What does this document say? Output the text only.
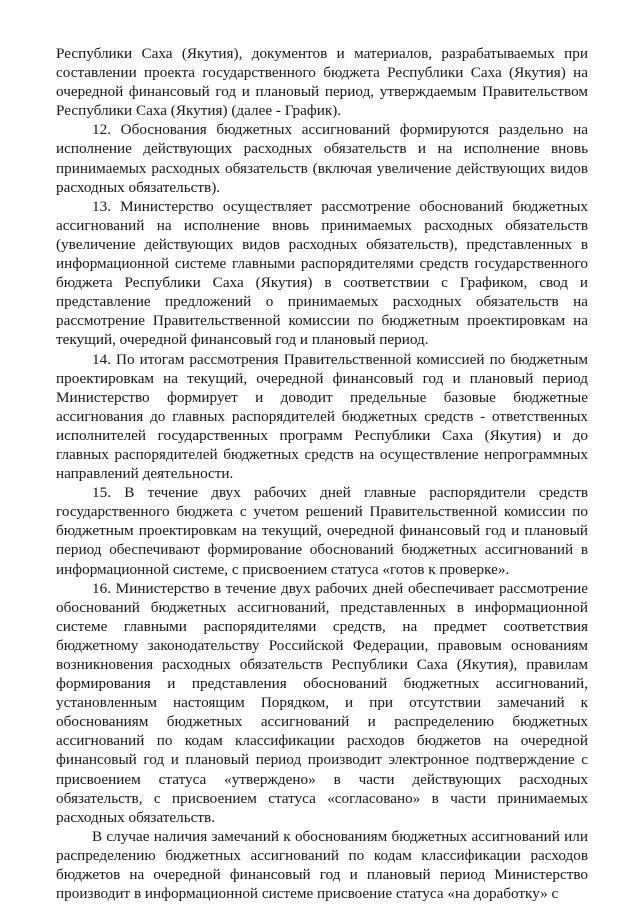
Республики Саха (Якутия), документов и материалов, разрабатываемых при составлении проекта государственного бюджета Республики Саха (Якутия) на очередной финансовый год и плановый период, утверждаемым Правительством Республики Саха (Якутия) (далее - График).

12. Обоснования бюджетных ассигнований формируются раздельно на исполнение действующих расходных обязательств и на исполнение вновь принимаемых расходных обязательств (включая увеличение действующих видов расходных обязательств).

13. Министерство осуществляет рассмотрение обоснований бюджетных ассигнований на исполнение вновь принимаемых расходных обязательств (увеличение действующих видов расходных обязательств), представленных в информационной системе главными распорядителями средств государственного бюджета Республики Саха (Якутия) в соответствии с Графиком, свод и представление предложений о принимаемых расходных обязательств на рассмотрение Правительственной комиссии по бюджетным проектировкам на текущий, очередной финансовый год и плановый период.

14. По итогам рассмотрения Правительственной комиссией по бюджетным проектировкам на текущий, очередной финансовый год и плановый период Министерство формирует и доводит предельные базовые бюджетные ассигнования до главных распорядителей бюджетных средств - ответственных исполнителей государственных программ Республики Саха (Якутия) и до главных распорядителей бюджетных средств на осуществление непрограммных направлений деятельности.

15. В течение двух рабочих дней главные распорядители средств государственного бюджета с учетом решений Правительственной комиссии по бюджетным проектировкам на текущий, очередной финансовый год и плановый период обеспечивают формирование обоснований бюджетных ассигнований в информационной системе, с присвоением статуса «готов к проверке».

16. Министерство в течение двух рабочих дней обеспечивает рассмотрение обоснований бюджетных ассигнований, представленных в информационной системе главными распорядителями средств, на предмет соответствия бюджетному законодательству Российской Федерации, правовым основаниям возникновения расходных обязательств Республики Саха (Якутия), правилам формирования и представления обоснований бюджетных ассигнований, установленным настоящим Порядком, и при отсутствии замечаний к обоснованиям бюджетных ассигнований и распределению бюджетных ассигнований по кодам классификации расходов бюджетов на очередной финансовый год и плановый период производит электронное подтверждение с присвоением статуса «утверждено» в части действующих расходных обязательств, с присвоением статуса «согласовано» в части принимаемых расходных обязательств.

В случае наличия замечаний к обоснованиям бюджетных ассигнований или распределению бюджетных ассигнований по кодам классификации расходов бюджетов на очередной финансовый год и плановый период Министерство производит в информационной системе присвоение статуса «на доработку» с
